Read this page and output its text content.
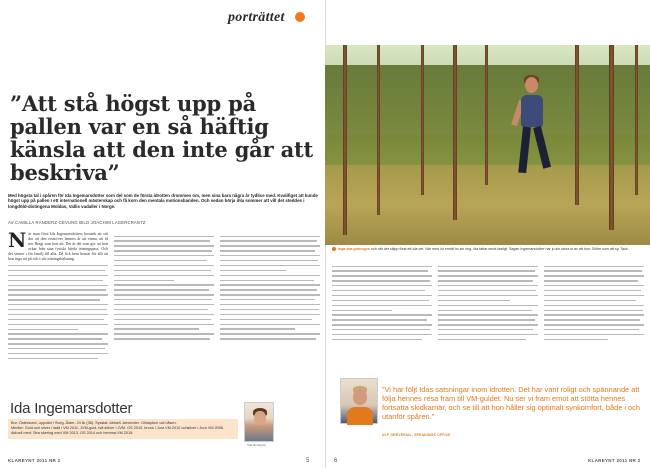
porträttet
”Att stå högst upp på pallen var en så häftig känsla att den inte går att beskriva”
Med högsta tal i spåren för Ida Ingemarsdotter som del som de första idrotten drommen om, men sina bara några år tydlice med. Kvalifiget att kunde högst upp på pallen I ett internationell mästerskap och få korn den mentala motionsbanden. Och sedan börja ihla sommer att vill det steddes i longdöld-distingena Moldas, Vallis vadaller i Norge.
AV CAMILLA RANDERZ-CEVUNG BILD JOACHIM LAGERCRANTZ
N är man först Ida Ingemarsdotters bostads att sitt dot att den ersatt-eer hennes år att vinna, att få ner Bragi som hon att. Det är det som gör att hon orkar från sina fysiskt hårda träningspass. Och det vinner i fin familj till alla. Då fick hem bomät för allt att hon inga att på och i sitt träningshälsning.
Ida Ingemarsdotter
Bor: Östersund, uppväxt i Sveg. Ålder: 24 år (36). Sysslat: Aktuell. Anvender: Glidaptum och låsen.
Meriter: Guld och silver i ladd i VM 2011. JVM-guld, två sölver i JVM. OS 2010, brons i Jura VM 2010 ochsilver i Jura VM 2006. Aktuell med: Stra skering med VM 2013, OS 2014 och hemma-VM 2015.
Ulla Rundgren
KLAREYNT 2011 NR 2	5
Inga ska grönngen och när det släpp först ett Ida vet. När med lot emidt ho sin ring. Ida fattar emot fastigt. Sagan Ingemarsdotter har ju sin stora ut av att hon. Sölter som att sy. Tack.
”Vi har följt Idas satsningar inom idrotten. Det har varit roligt och spännande att följa hennes resa fram till VM-guldet. Nu ser vi fram emot att stötta hennes fortsatta skidkarriär, och se till att hon håller sig optimalt synkomfort, både i och utanför spåren.”
ULF GREVERIAL, SPEAKINGS OFFICE
6	KLAREYNT 2011 NR 2
